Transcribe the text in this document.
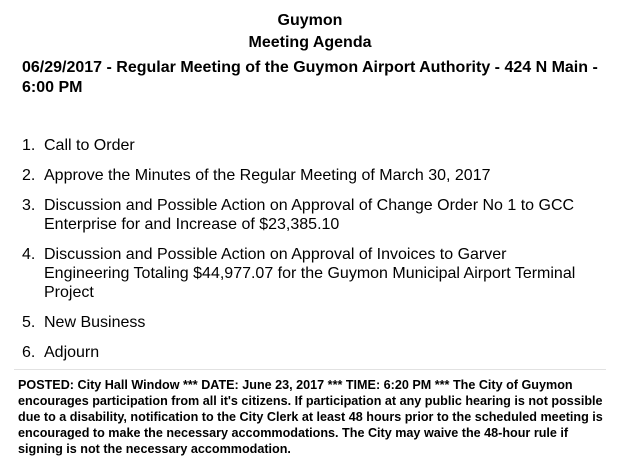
Guymon
Meeting Agenda
06/29/2017 - Regular Meeting of the Guymon Airport Authority - 424 N Main - 6:00 PM
1. Call to Order
2. Approve the Minutes of the Regular Meeting of March 30, 2017
3. Discussion and Possible Action on Approval of Change Order No 1 to GCC Enterprise for and Increase of $23,385.10
4. Discussion and Possible Action on Approval of Invoices to Garver Engineering Totaling $44,977.07 for the Guymon Municipal Airport Terminal Project
5. New Business
6. Adjourn
POSTED: City Hall Window *** DATE: June 23, 2017 *** TIME: 6:20 PM *** The City of Guymon encourages participation from all it's citizens. If participation at any public hearing is not possible due to a disability, notification to the City Clerk at least 48 hours prior to the scheduled meeting is encouraged to make the necessary accommodations. The City may waive the 48-hour rule if signing is not the necessary accommodation.
